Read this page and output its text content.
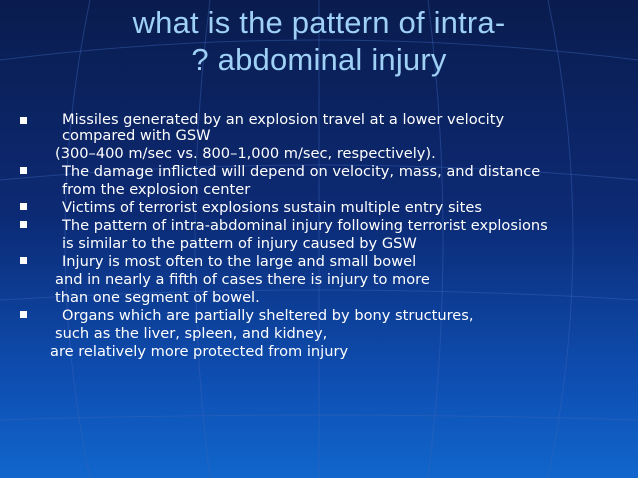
what is the pattern of intra-
? abdominal injury
Missiles generated by an explosion travel at a lower velocity
compared with GSW
(300–400 m/sec vs. 800–1,000 m/sec, respectively).
The damage inflicted will depend on velocity, mass, and distance
from the explosion center
Victims of terrorist explosions sustain multiple entry sites
The pattern of intra-abdominal injury following terrorist explosions
is similar to the pattern of injury caused by GSW
Injury is most often to the large and small bowel
and in nearly a fifth of cases there is injury to more
than one segment of bowel.
Organs which are partially sheltered by bony structures,
such as the liver, spleen, and kidney,
are relatively more protected from injury
